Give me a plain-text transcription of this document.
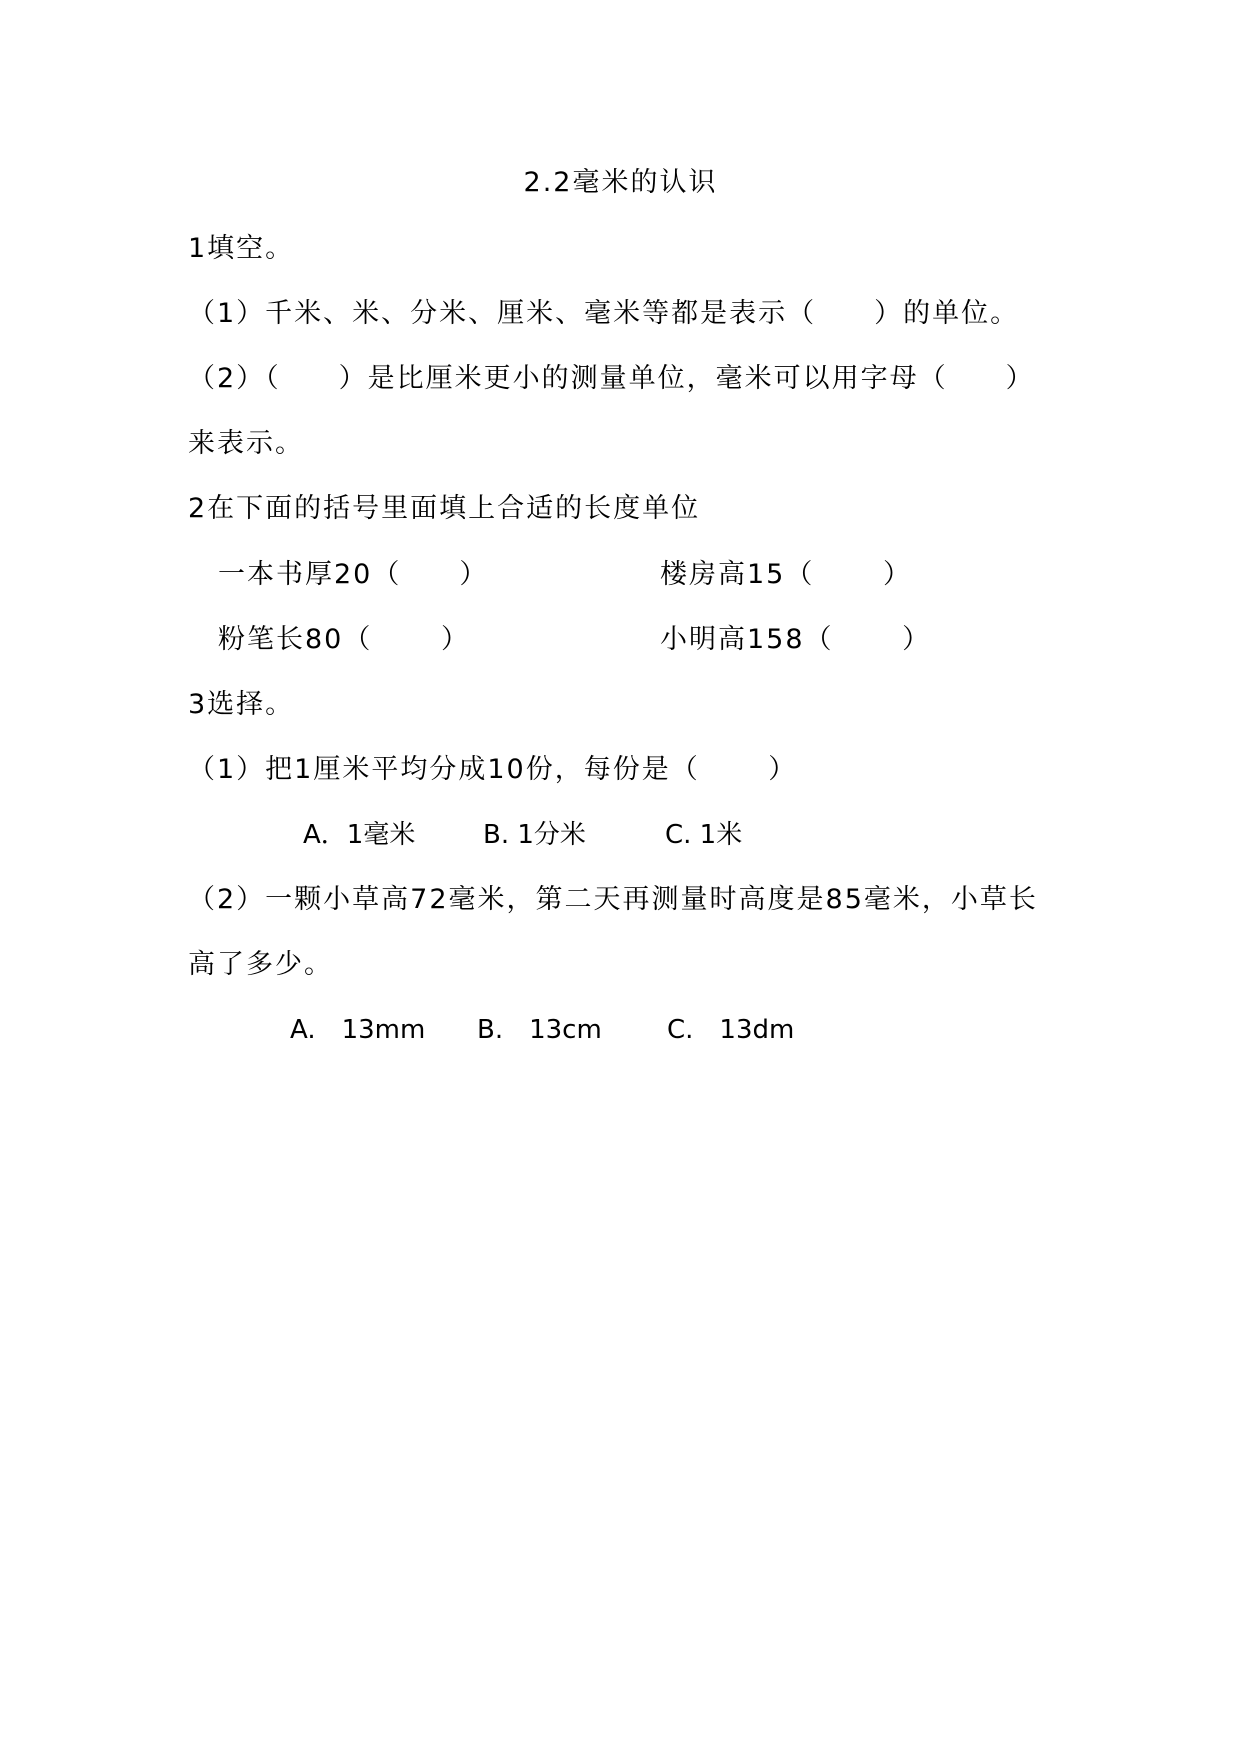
2.2毫米的认识
1填空。
（1）千米、米、分米、厘米、毫米等都是表示（　　）的单位。
（2）（　　）是比厘米更小的测量单位，毫米可以用字母（　　）
来表示。
2在下面的括号里面填上合适的长度单位
一本书厚20（　　）	楼房高15（　　 ）
粉笔长80（　　 ）	小明高158（　　 ）
3选择。
（1）把1厘米平均分成10份，每份是（　　 ）
A．1毫米	B. 1分米	C. 1米
（2）一颗小草高72毫米，第二天再测量时高度是85毫米，小草长
高了多少。
A.　13mm B.　13cm	C.　13dm
